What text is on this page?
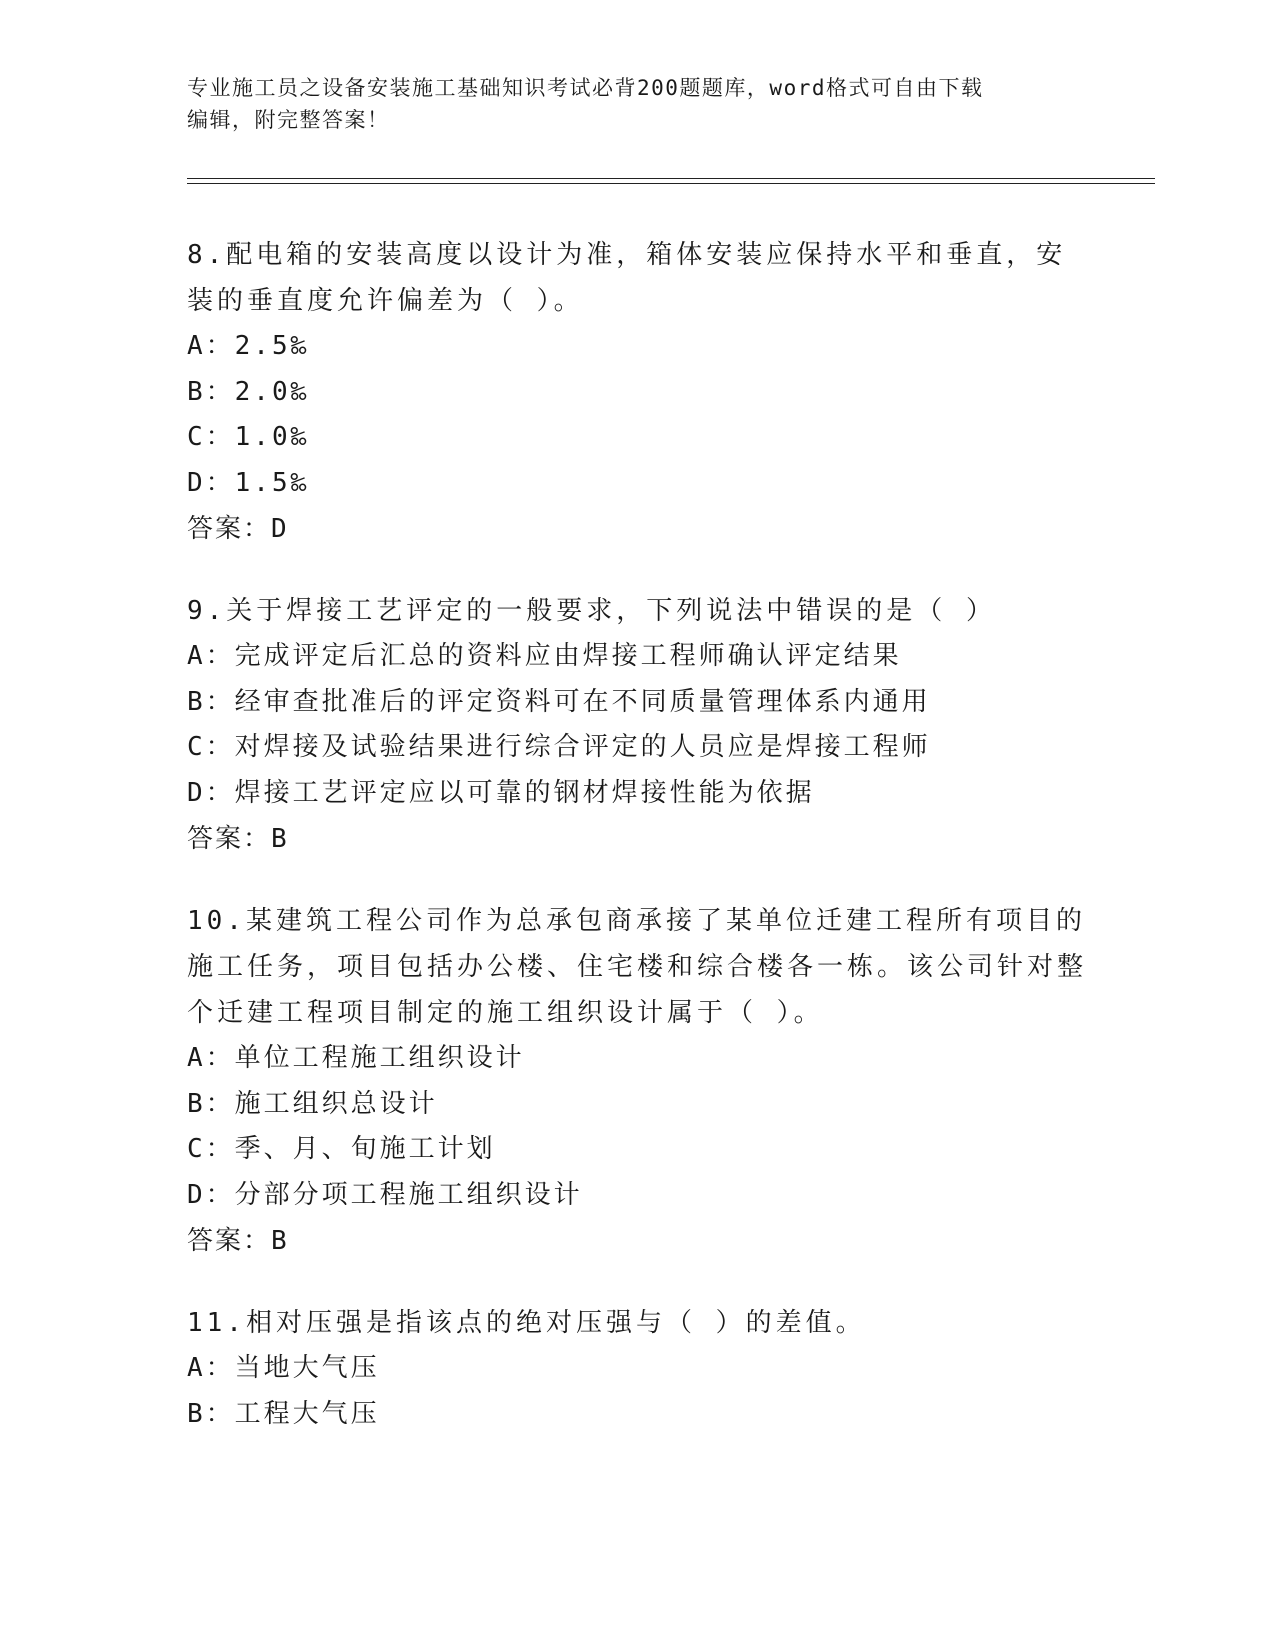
专业施工员之设备安装施工基础知识考试必背200题题库，word格式可自由下载
编辑，附完整答案！
8.配电箱的安装高度以设计为准，箱体安装应保持水平和垂直，安装的垂直度允许偏差为（ ）。
A：2.5‰
B：2.0‰
C：1.0‰
D：1.5‰
答案：D
9.关于焊接工艺评定的一般要求，下列说法中错误的是（ ）
A：完成评定后汇总的资料应由焊接工程师确认评定结果
B：经审查批准后的评定资料可在不同质量管理体系内通用
C：对焊接及试验结果进行综合评定的人员应是焊接工程师
D：焊接工艺评定应以可靠的钢材焊接性能为依据
答案：B
10.某建筑工程公司作为总承包商承接了某单位迁建工程所有项目的施工任务，项目包括办公楼、住宅楼和综合楼各一栋。该公司针对整个迁建工程项目制定的施工组织设计属于（ ）。
A：单位工程施工组织设计
B：施工组织总设计
C：季、月、旬施工计划
D：分部分项工程施工组织设计
答案：B
11.相对压强是指该点的绝对压强与（ ）的差值。
A：当地大气压
B：工程大气压
